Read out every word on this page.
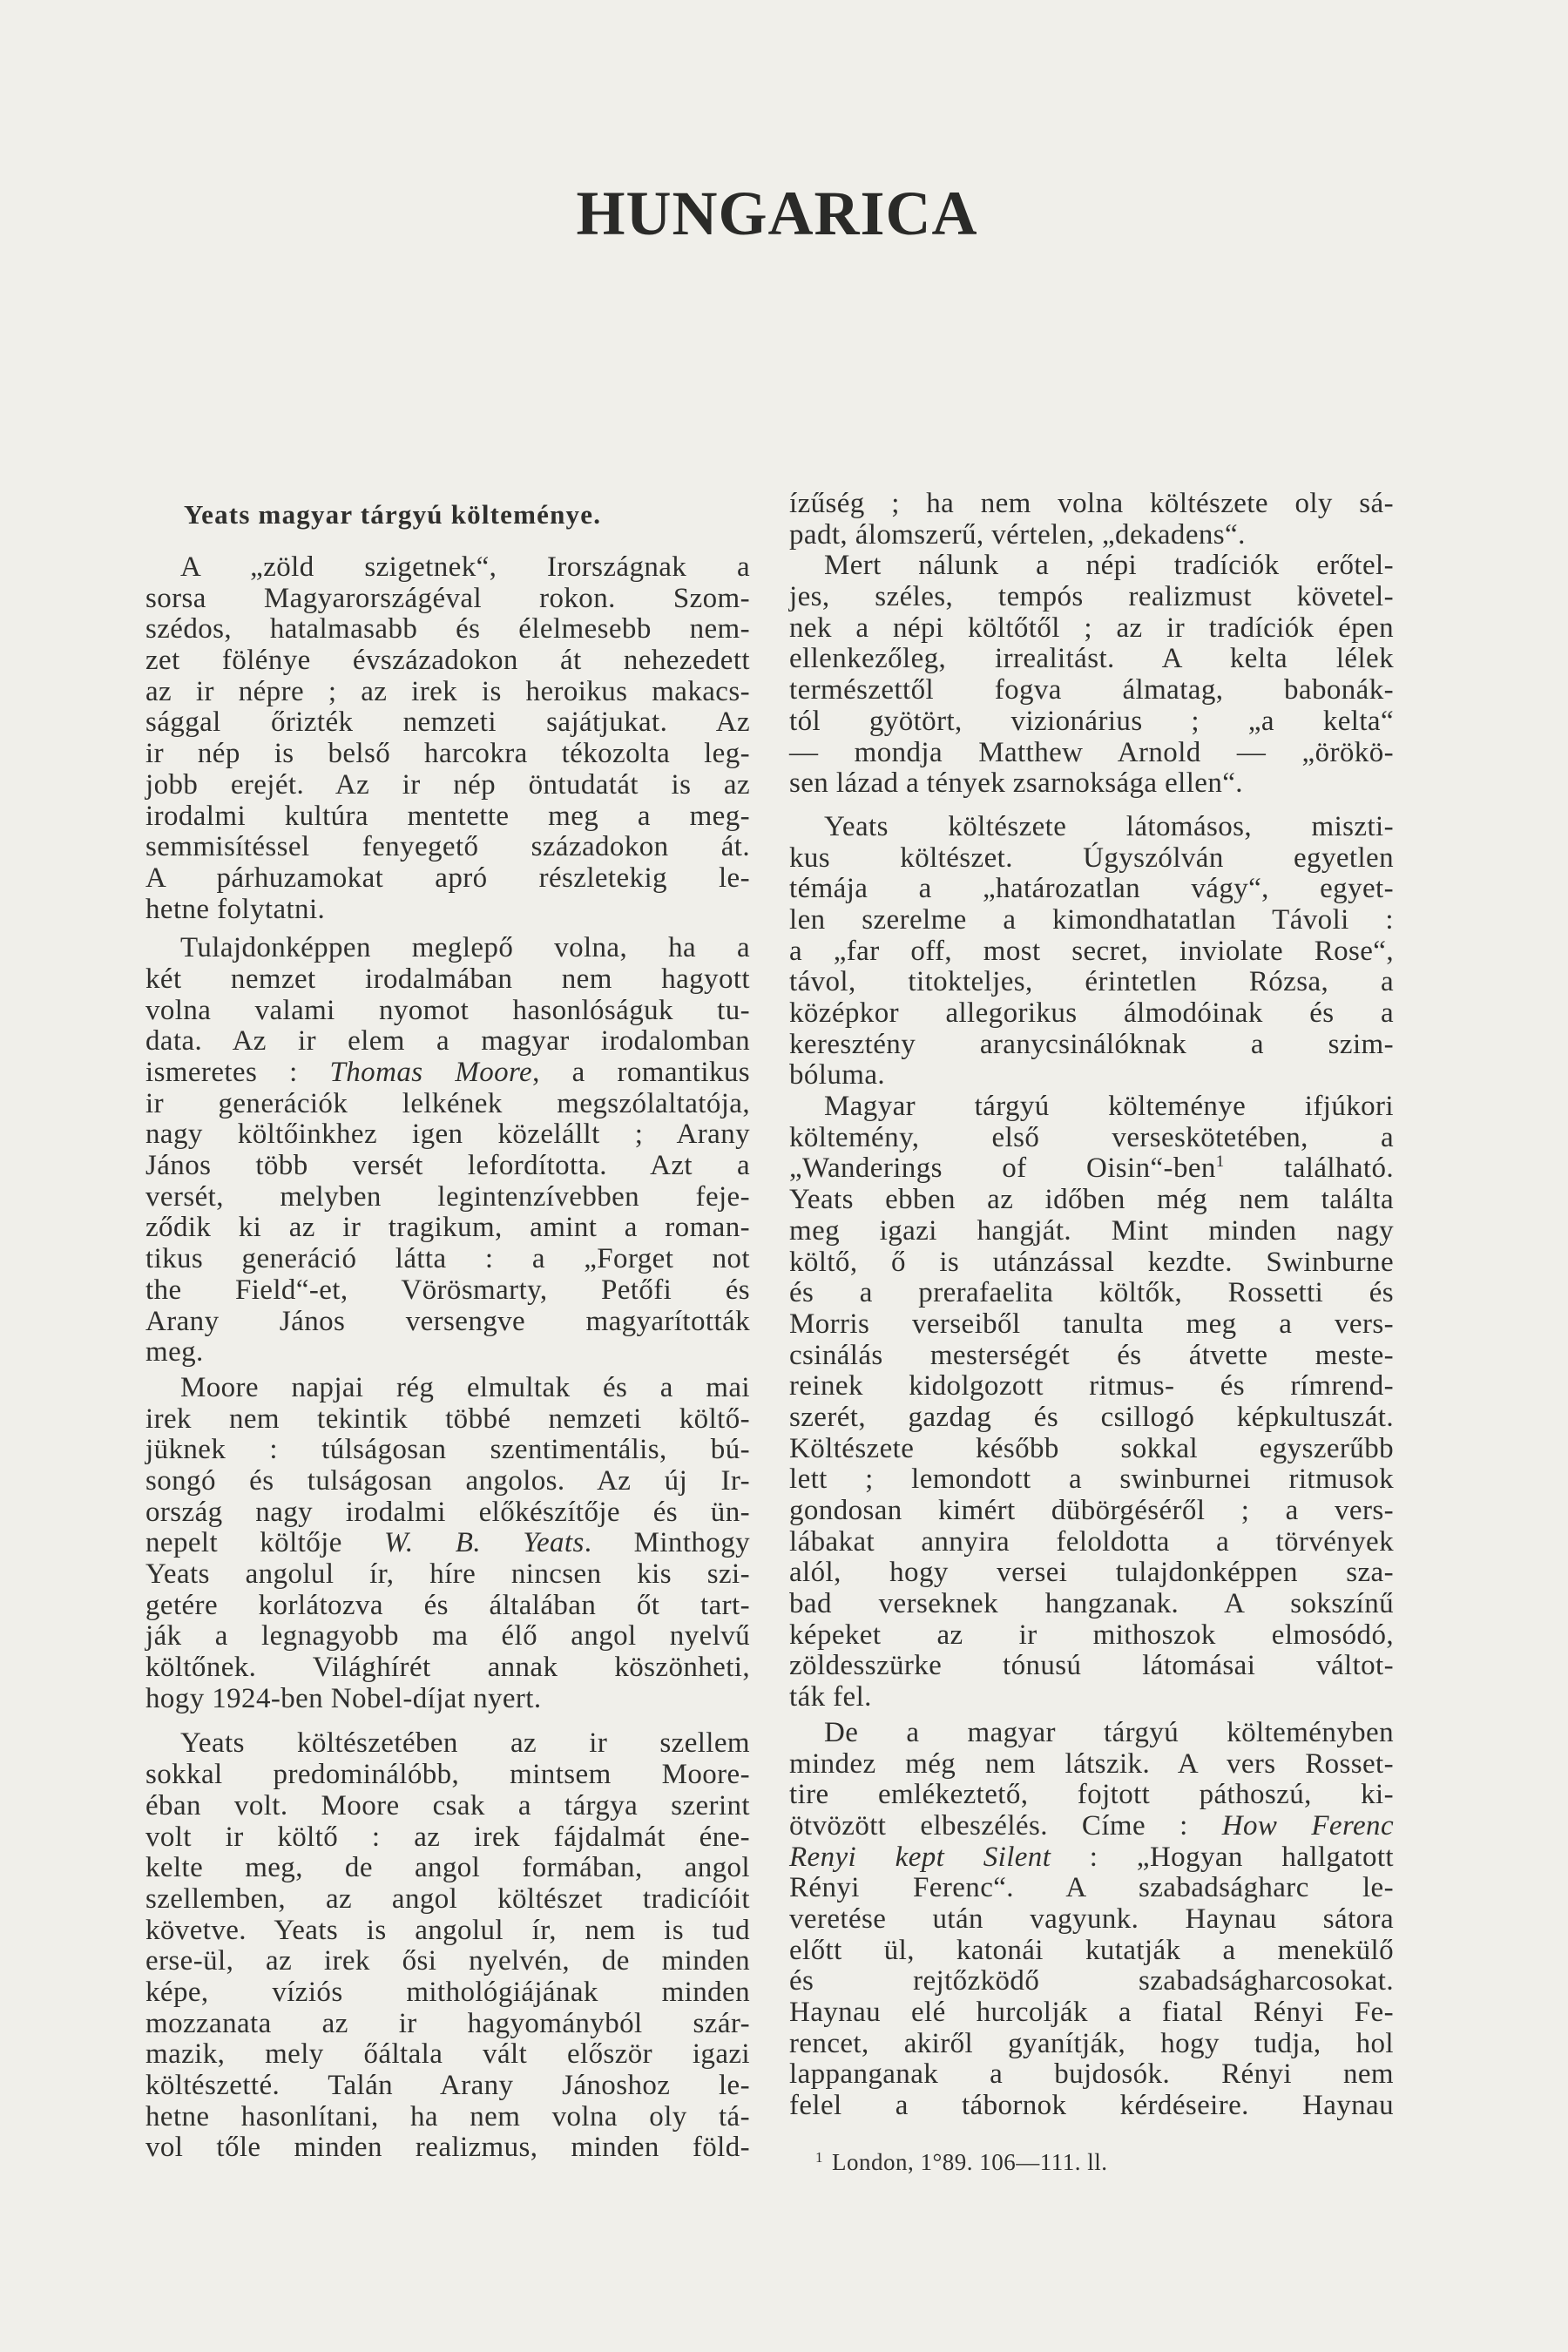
HUNGARICA
Yeats magyar tárgyú költeménye.
A „zöld szigetnek“, Irországnak a
sorsa Magyarországéval rokon. Szom-
szédos, hatalmasabb és élelmesebb nem-
zet fölénye évszázadokon át nehezedett
az ir népre ; az irek is heroikus makacs-
sággal őrizték nemzeti sajátjukat. Az
ir nép is belső harcokra tékozolta leg-
jobb erejét. Az ir nép öntudatát is az
irodalmi kultúra mentette meg a meg-
semmisítéssel fenyegető századokon át.
A párhuzamokat apró részletekig le-
hetne folytatni.
Tulajdonképpen meglepő volna, ha a
két nemzet irodalmában nem hagyott
volna valami nyomot hasonlóságuk tu-
data. Az ir elem a magyar irodalomban
ismeretes : Thomas Moore, a romantikus
ir generációk lelkének megszólaltatója,
nagy költőinkhez igen közelállt ; Arany
János több versét lefordította. Azt a
versét, melyben legintenzívebben feje-
ződik ki az ir tragikum, amint a roman-
tikus generáció látta : a „Forget not
the Field“-et, Vörösmarty, Petőfi és
Arany János versengve magyarították
meg.
Moore napjai rég elmultak és a mai
irek nem tekintik többé nemzeti költő-
jüknek : túlságosan szentimentális, bú-
songó és tulságosan angolos. Az új Ir-
ország nagy irodalmi előkészítője és ün-
nepelt költője W. B. Yeats. Minthogy
Yeats angolul ír, híre nincsen kis szi-
getére korlátozva és általában őt tart-
ják a legnagyobb ma élő angol nyelvű
költőnek. Világhírét annak köszönheti,
hogy 1924-ben Nobel-díjat nyert.
Yeats költészetében az ir szellem
sokkal predominálóbb, mintsem Moore-
éban volt. Moore csak a tárgya szerint
volt ir költő : az irek fájdalmát éne-
kelte meg, de angol formában, angol
szellemben, az angol költészet tradicíóit
követve. Yeats is angolul ír, nem is tud
erse-ül, az irek ősi nyelvén, de minden
képe, víziós mithológiájának minden
mozzanata az ir hagyományból szár-
mazik, mely őáltala vált először igazi
költészetté. Talán Arany Jánoshoz le-
hetne hasonlítani, ha nem volna oly tá-
vol tőle minden realizmus, minden föld-
ízűség ; ha nem volna költészete oly sá-
padt, álomszerű, vértelen, „dekadens“.
Mert nálunk a népi tradíciók erőtel-
jes, széles, tempós realizmust követel-
nek a népi költőtől ; az ir tradíciók épen
ellenkezőleg, irrealitást. A kelta lélek
természettől fogva álmatag, babonák-
tól gyötört, vizionárius ; „a kelta“
— mondja Matthew Arnold — „örökö-
sen lázad a tények zsarnoksága ellen“.
Yeats költészete látomásos, miszti-
kus költészet. Úgyszólván egyetlen
témája a „határozatlan vágy“, egyet-
len szerelme a kimondhatatlan Távoli :
a „far off, most secret, inviolate Rose“,
távol, titokteljes, érintetlen Rózsa, a
középkor allegorikus álmodóinak és a
keresztény aranycsinálóknak a szim-
bóluma.
Magyar tárgyú költeménye ifjúkori
költemény, első verseskötetében, a
„Wanderings of Oisin“-ben$^1$ található.
Yeats ebben az időben még nem találta
meg igazi hangját. Mint minden nagy
költő, ő is utánzással kezdte. Swinburne
és a prerafaelita költők, Rossetti és
Morris verseiből tanulta meg a vers-
csinálás mesterségét és átvette meste-
reinek kidolgozott ritmus- és rímrend-
szerét, gazdag és csillogó képkultuszát.
Költészete később sokkal egyszerűbb
lett ; lemondott a swinburnei ritmusok
gondosan kimért dübörgéséről ; a vers-
lábakat annyira feloldotta a törvények
alól, hogy versei tulajdonképpen sza-
bad verseknek hangzanak. A sokszínű
képeket az ir mithoszok elmosódó,
zöldesszürke tónusú látomásai váltot-
ták fel.
De a magyar tárgyú költeményben
mindez még nem látszik. A vers Rosset-
tire emlékeztető, fojtott páthoszú, ki-
ötvözött elbeszélés. Címe : How Ferenc
Renyi kept Silent : „Hogyan hallgatott
Rényi Ferenc“. A szabadságharc le-
veretése után vagyunk. Haynau sátora
előtt ül, katonái kutatják a menekülő
és rejtőzködő szabadságharcosokat.
Haynau elé hurcolják a fiatal Rényi Fe-
rencet, akiről gyanítják, hogy tudja, hol
lappanganak a bujdosók. Rényi nem
felel a tábornok kérdéseire. Haynau
$^1$ London, 1°89. 106—111. ll.
